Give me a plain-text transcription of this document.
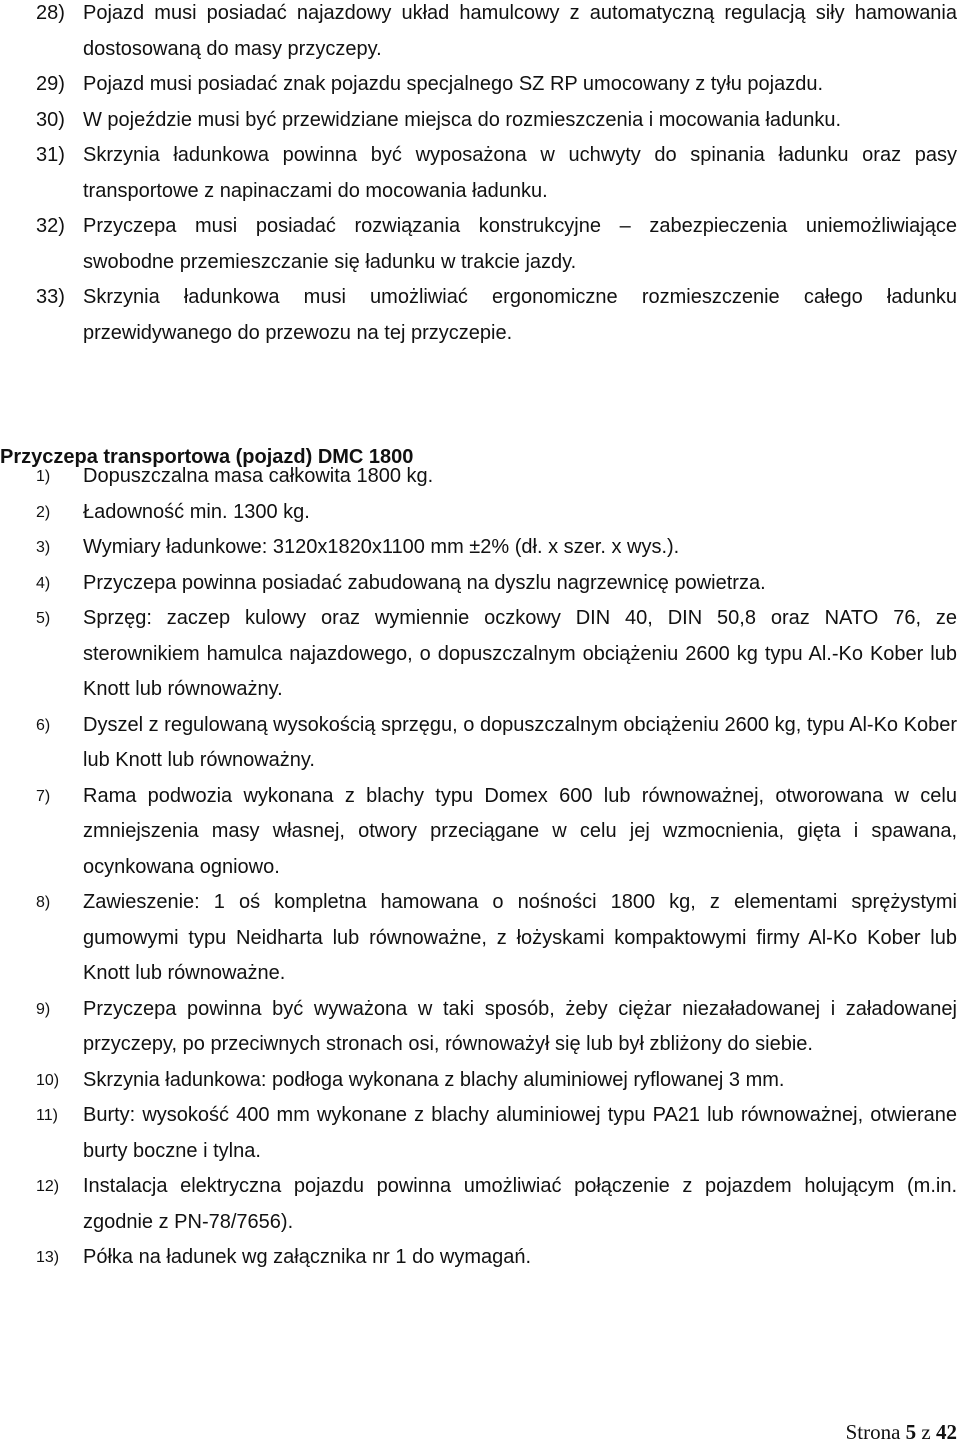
28) Pojazd musi posiadać najazdowy układ hamulcowy z automatyczną regulacją siły hamowania dostosowaną do masy przyczepy.
29) Pojazd musi posiadać znak pojazdu specjalnego SZ RP umocowany z tyłu pojazdu.
30) W pojeździe musi być przewidziane miejsca do rozmieszczenia i mocowania ładunku.
31) Skrzynia ładunkowa powinna być wyposażona w uchwyty do spinania ładunku oraz pasy transportowe z napinaczami do mocowania ładunku.
32) Przyczepa musi posiadać rozwiązania konstrukcyjne – zabezpieczenia uniemożliwiające swobodne przemieszczanie się ładunku w trakcie jazdy.
33) Skrzynia ładunkowa musi umożliwiać ergonomiczne rozmieszczenie całego ładunku przewidywanego do przewozu na tej przyczepie.
Przyczepa transportowa (pojazd) DMC 1800
1)	Dopuszczalna masa całkowita 1800 kg.
2)	Ładowność min. 1300 kg.
3)	Wymiary ładunkowe: 3120x1820x1100 mm ±2% (dł. x szer. x wys.).
4)	Przyczepa powinna posiadać zabudowaną na dyszlu nagrzewnicę powietrza.
5)	Sprzęg: zaczep kulowy oraz wymiennie oczkowy DIN 40, DIN 50,8 oraz NATO 76, ze sterownikiem hamulca najazdowego, o dopuszczalnym obciążeniu 2600 kg typu Al.-Ko Kober lub Knott lub równoważny.
6)	Dyszel z regulowaną wysokością sprzęgu, o dopuszczalnym obciążeniu 2600 kg, typu Al-Ko Kober lub Knott lub równoważny.
7)	Rama podwozia wykonana z blachy typu Domex 600 lub równoważnej, otworowana w celu zmniejszenia masy własnej, otwory przeciągane w celu jej wzmocnienia, gięta i spawana, ocynkowana ogniowo.
8)	Zawieszenie: 1 oś kompletna hamowana o nośności 1800 kg, z elementami sprężystymi gumowymi typu Neidharta lub równoważne, z łożyskami kompaktowymi firmy Al-Ko Kober lub Knott lub równoważne.
9)	Przyczepa powinna być wyważona w taki sposób, żeby ciężar niezaładowanej i załadowanej przyczepy, po przeciwnych stronach osi, równoważył się lub był zbliżony do siebie.
10)	Skrzynia ładunkowa: podłoga wykonana z blachy aluminiowej ryflowanej 3 mm.
11)	Burty: wysokość 400 mm wykonane z blachy aluminiowej typu PA21 lub równoważnej, otwierane burty boczne i tylna.
12)	Instalacja elektryczna pojazdu powinna umożliwiać połączenie z pojazdem holującym (m.in. zgodnie z PN-78/7656).
13)	Półka na ładunek wg załącznika nr 1 do wymagań.
Strona 5 z 42
